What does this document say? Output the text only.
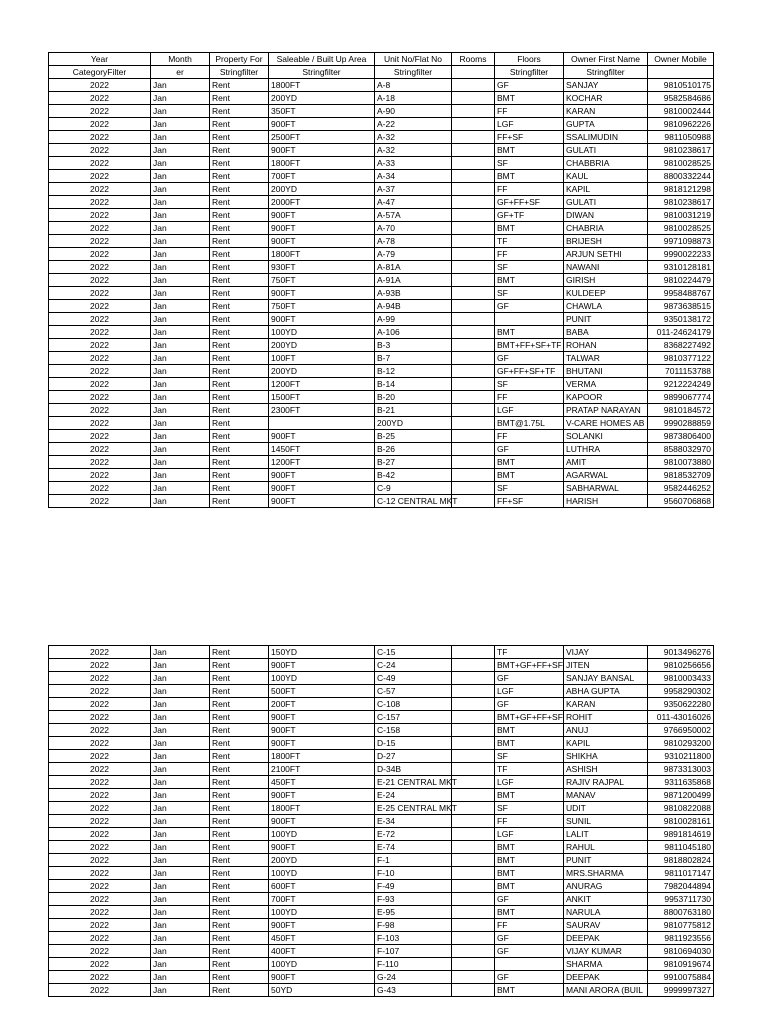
Year	Month	Property For	Saleable / Built Up Area	Unit No/Flat No	Rooms	Floors	Owner First Name	Owner Mobile
CategoryFilter	er	Stringfilter	Stringfilter	Stringfilter		Stringfilter	Stringfilter	
2022	Jan	Rent	1800FT	A-8		GF	SANJAY	9810510175
2022	Jan	Rent	200YD	A-18		BMT	KOCHAR	9582584686
2022	Jan	Rent	350FT	A-90		FF	KARAN	9810002444
2022	Jan	Rent	900FT	A-22		LGF	GUPTA	9810962226
2022	Jan	Rent	2500FT	A-32		FF+SF	SSALIMUDIN	9811050988
2022	Jan	Rent	900FT	A-32		BMT	GULATI	9810238617
2022	Jan	Rent	1800FT	A-33		SF	CHABBRIA	9810028525
2022	Jan	Rent	700FT	A-34		BMT	KAUL	8800332244
2022	Jan	Rent	200YD	A-37		FF	KAPIL	9818121298
2022	Jan	Rent	2000FT	A-47		GF+FF+SF	GULATI	9810238617
2022	Jan	Rent	900FT	A-57A		GF+TF	DIWAN	9810031219
2022	Jan	Rent	900FT	A-70		BMT	CHABRIA	9810028525
2022	Jan	Rent	900FT	A-78		TF	BRIJESH	9971098873
2022	Jan	Rent	1800FT	A-79		FF	ARJUN SETHI	9990022233
2022	Jan	Rent	930FT	A-81A		SF	NAWANI	9310128181
2022	Jan	Rent	750FT	A-91A		BMT	GIRISH	9810224479
2022	Jan	Rent	900FT	A-93B		SF	KULDEEP	9958488767
2022	Jan	Rent	750FT	A-94B		GF	CHAWLA	9873638515
2022	Jan	Rent	900FT	A-99			PUNIT	9350138172
2022	Jan	Rent	100YD	A-106		BMT	BABA	011-24624179
2022	Jan	Rent	200YD	B-3		BMT+FF+SF+TF	ROHAN	8368227492
2022	Jan	Rent	100FT	B-7		GF	TALWAR	9810377122
2022	Jan	Rent	200YD	B-12		GF+FF+SF+TF	BHUTANI	7011153788
2022	Jan	Rent	1200FT	B-14		SF	VERMA	9212224249
2022	Jan	Rent	1500FT	B-20		FF	KAPOOR	9899067774
2022	Jan	Rent	2300FT	B-21		LGF	PRATAP NARAYAN	9810184572
2022	Jan	Rent		200YD		BMT@1.75L	V-CARE HOMES AB	9990288859
2022	Jan	Rent	900FT	B-25		FF	SOLANKI	9873806400
2022	Jan	Rent	1450FT	B-26		GF	LUTHRA	8588032970
2022	Jan	Rent	1200FT	B-27		BMT	AMIT	9810073880
2022	Jan	Rent	900FT	B-42		BMT	AGARWAL	9818532709
2022	Jan	Rent	900FT	C-9		SF	SABHARWAL	9582446252
2022	Jan	Rent	900FT	C-12 CENTRAL MKT		FF+SF	HARISH	9560706868
2022	Jan	Rent	150YD	C-15		TF	VIJAY	9013496276
2022	Jan	Rent	900FT	C-24		BMT+GF+FF+SF	JITEN	9810256656
2022	Jan	Rent	100YD	C-49		GF	SANJAY BANSAL	9810003433
2022	Jan	Rent	500FT	C-57		LGF	ABHA GUPTA	9958290302
2022	Jan	Rent	200FT	C-108		GF	KARAN	9350622280
2022	Jan	Rent	900FT	C-157		BMT+GF+FF+SF	ROHIT	011-43016026
2022	Jan	Rent	900FT	C-158		BMT	ANUJ	9766950002
2022	Jan	Rent	900FT	D-15		BMT	KAPIL	9810293200
2022	Jan	Rent	1800FT	D-27		SF	SHIKHA	9310211800
2022	Jan	Rent	2100FT	D-34B		TF	ASHISH	9873313003
2022	Jan	Rent	450FT	E-21 CENTRAL MKT		LGF	RAJIV RAJPAL	9311635868
2022	Jan	Rent	900FT	E-24		BMT	MANAV	9871200499
2022	Jan	Rent	1800FT	E-25 CENTRAL MKT		SF	UDIT	9810822088
2022	Jan	Rent	900FT	E-34		FF	SUNIL	9810028161
2022	Jan	Rent	100YD	E-72		LGF	LALIT	9891814619
2022	Jan	Rent	900FT	E-74		BMT	RAHUL	9811045180
2022	Jan	Rent	200YD	F-1		BMT	PUNIT	9818802824
2022	Jan	Rent	100YD	F-10		BMT	MRS.SHARMA	9811017147
2022	Jan	Rent	600FT	F-49		BMT	ANURAG	7982044894
2022	Jan	Rent	700FT	F-93		GF	ANKIT	9953711730
2022	Jan	Rent	100YD	E-95		BMT	NARULA	8800763180
2022	Jan	Rent	900FT	F-98		FF	SAURAV	9810775812
2022	Jan	Rent	450FT	F-103		GF	DEEPAK	9811923556
2022	Jan	Rent	400FT	F-107		GF	VIJAY KUMAR	9810694030
2022	Jan	Rent	100YD	F-110			SHARMA	9810919674
2022	Jan	Rent	900FT	G-24		GF	DEEPAK	9910075884
2022	Jan	Rent	50YD	G-43		BMT	MANI ARORA (BUIL	9999997327
